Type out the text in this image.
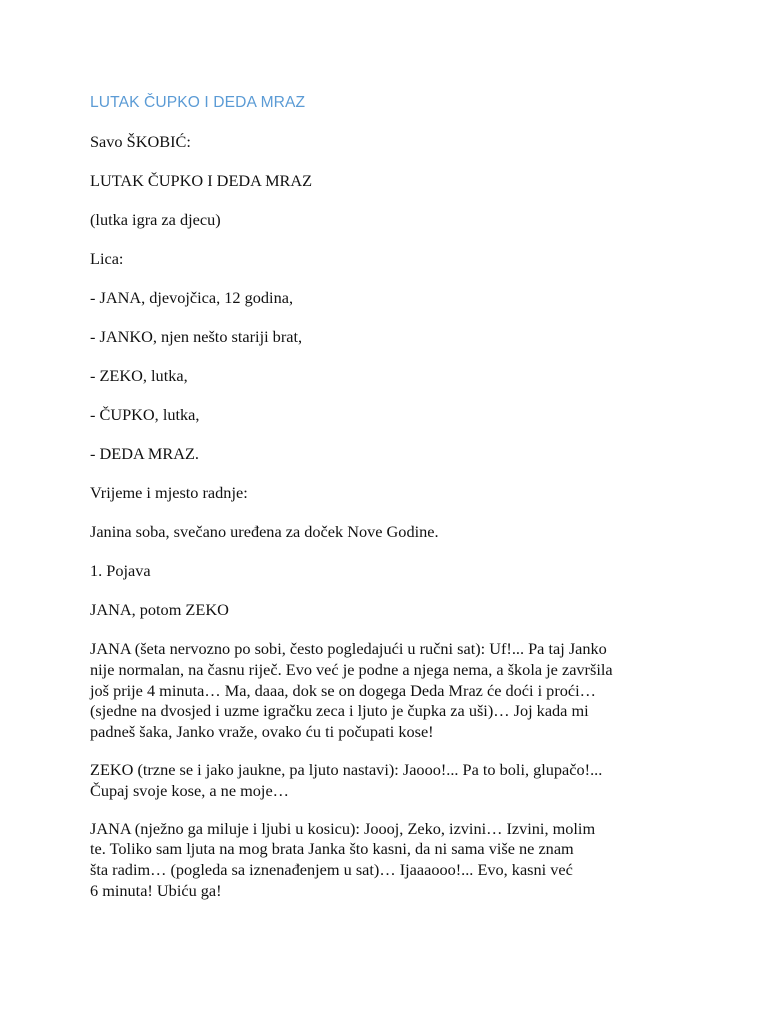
LUTAK ČUPKO I DEDA MRAZ
Savo ŠKOBIĆ:
LUTAK ČUPKO I DEDA MRAZ
(lutka igra za djecu)
Lica:
- JANA, djevojčica, 12 godina,
- JANKO, njen nešto stariji brat,
- ZEKO, lutka,
- ČUPKO, lutka,
- DEDA MRAZ.
Vrijeme i mjesto radnje:
Janina soba, svečano uređena za doček Nove Godine.
1. Pojava
JANA, potom ZEKO
JANA (šeta nervozno po sobi, često pogledajući u ručni sat): Uf!... Pa taj Janko
nije normalan, na časnu riječ. Evo već je podne a njega nema, a škola je završila
još prije 4 minuta… Ma, daaa, dok se on dogega Deda Mraz će doći i proći…
(sjedne na dvosjed i uzme igračku zeca i ljuto je čupka za uši)… Joj kada mi
padneš šaka, Janko vraže, ovako ću ti počupati kose!
ZEKO (trzne se i jako jaukne, pa ljuto nastavi): Jaooo!... Pa to boli, glupačo!...
Čupaj svoje kose, a ne moje…
JANA (nježno ga miluje i ljubi u kosicu): Joooj, Zeko, izvini… Izvini, molim
te. Toliko sam ljuta na mog brata Janka što kasni, da ni sama više ne znam
šta radim… (pogleda sa iznenađenjem u sat)… Ijaaaooo!... Evo, kasni već
6 minuta! Ubiću ga!
